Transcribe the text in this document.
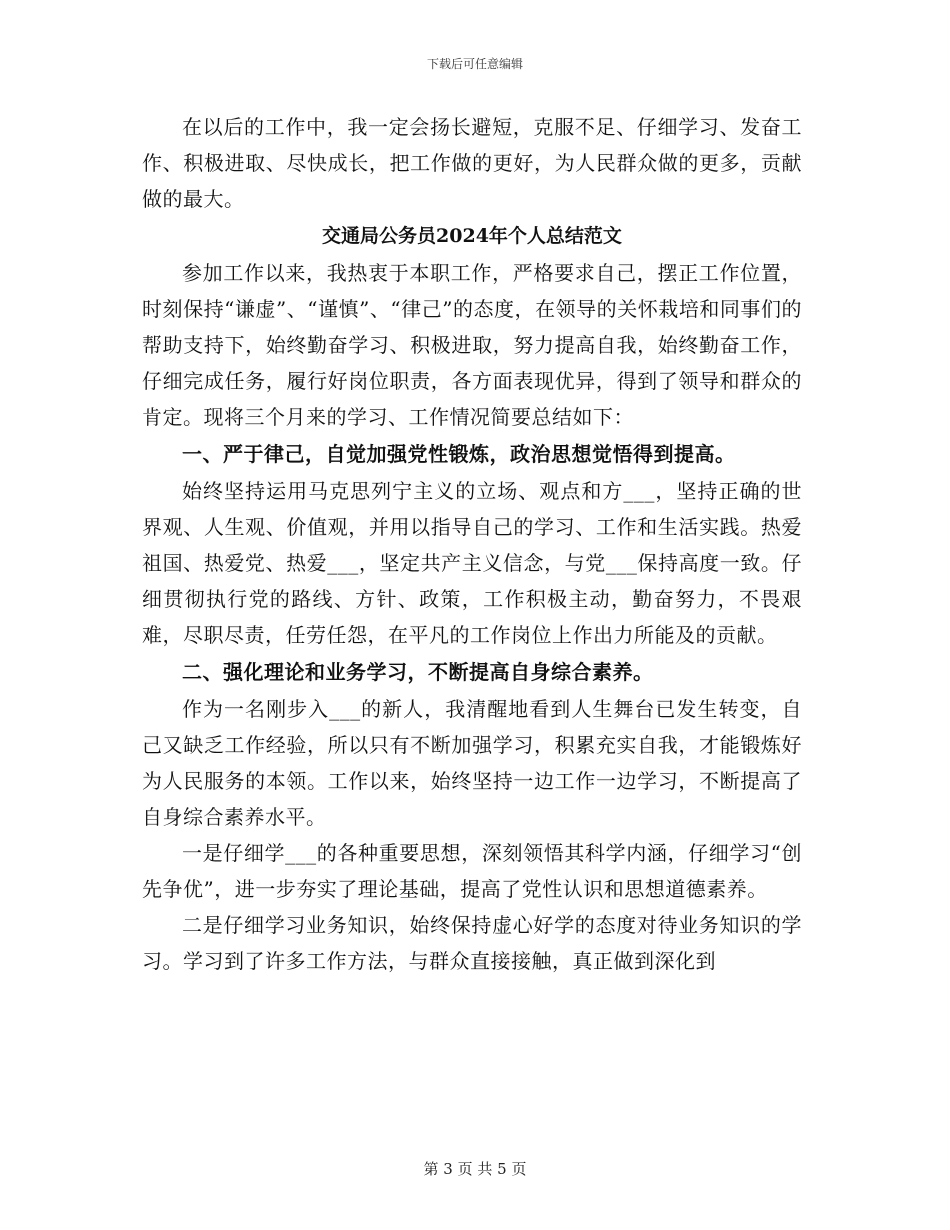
下载后可任意编辑

在以后的工作中，我一定会扬长避短，克服不足、仔细学习、发奋工作、积极进取、尽快成长，把工作做的更好，为人民群众做的更多，贡献做的最大。

交通局公务员2024年个人总结范文

参加工作以来，我热衷于本职工作，严格要求自己，摆正工作位置，时刻保持“谦虚”、“谨慎”、“律己”的态度，在领导的关怀栽培和同事们的帮助支持下，始终勤奋学习、积极进取，努力提高自我，始终勤奋工作，仔细完成任务，履行好岗位职责，各方面表现优异，得到了领导和群众的肯定。现将三个月来的学习、工作情况简要总结如下：

一、严于律己，自觉加强党性锻炼，政治思想觉悟得到提高。

始终坚持运用马克思列宁主义的立场、观点和方___，坚持正确的世界观、人生观、价值观，并用以指导自己的学习、工作和生活实践。热爱祖国、热爱党、热爱___，坚定共产主义信念，与党___保持高度一致。仔细贯彻执行党的路线、方针、政策，工作积极主动，勤奋努力，不畏艰难，尽职尽责，任劳任怨，在平凡的工作岗位上作出力所能及的贡献。

二、强化理论和业务学习，不断提高自身综合素养。

作为一名刚步入___的新人，我清醒地看到人生舞台已发生转变，自己又缺乏工作经验，所以只有不断加强学习，积累充实自我，才能锻炼好为人民服务的本领。工作以来，始终坚持一边工作一边学习，不断提高了自身综合素养水平。

一是仔细学___的各种重要思想，深刻领悟其科学内涵，仔细学习“创先争优”，进一步夯实了理论基础，提高了党性认识和思想道德素养。

二是仔细学习业务知识，始终保持虚心好学的态度对待业务知识的学习。学习到了许多工作方法，与群众直接接触，真正做到深化到

第 3 页 共 5 页
